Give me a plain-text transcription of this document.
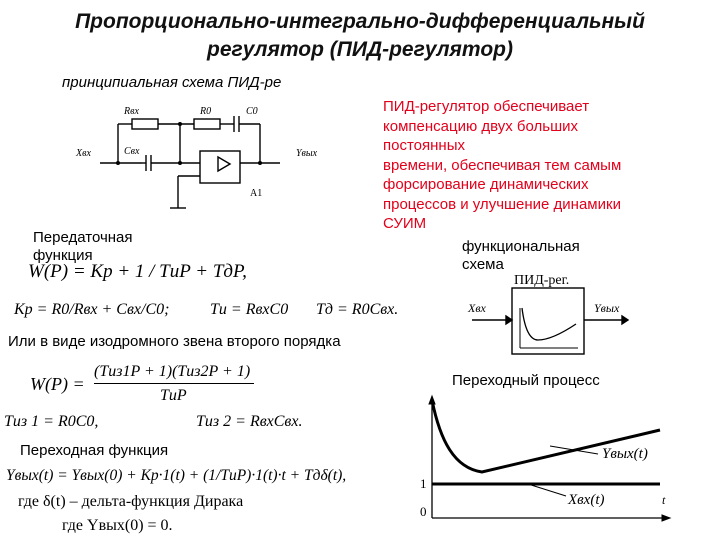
Пропорционально-интегрально-дифференциальный
регулятор (ПИД-регулятор)
принципиальная схема ПИД-ре
Rвх	R0	C0
Xвх	Cвх	Yвых
A1
ПИД-регулятор обеспечивает
компенсацию двух больших
постоянных
времени, обеспечивая тем самым
форсирование динамических
процессов и улучшение динамики
СУИМ
Передаточная функция
W(P) = Kp + 1 / TиP + TдP,
Kp = R0/Rвх + Cвх/C0;	Tи = RвхC0 Tд = R0Cвх.
Или в виде изодромного звена второго порядка
W(P) =
(Tиз1P + 1)(Tиз2P + 1)
TиP
Tиз 1 = R0C0,	Tиз 2 = RвхCвх.
Переходная функция
Yвых(t) = Yвых(0) + Kp·1(t) + (1/TиP)·1(t)·t + Tдδ(t),
где δ(t) – дельта-функция Дирака
где Yвых(0) = 0.
функциональная схема
ПИД-рег.
Xвх	Yвых
Переходный процесс
Yвых(t)
Xвх(t)	t
1
0
